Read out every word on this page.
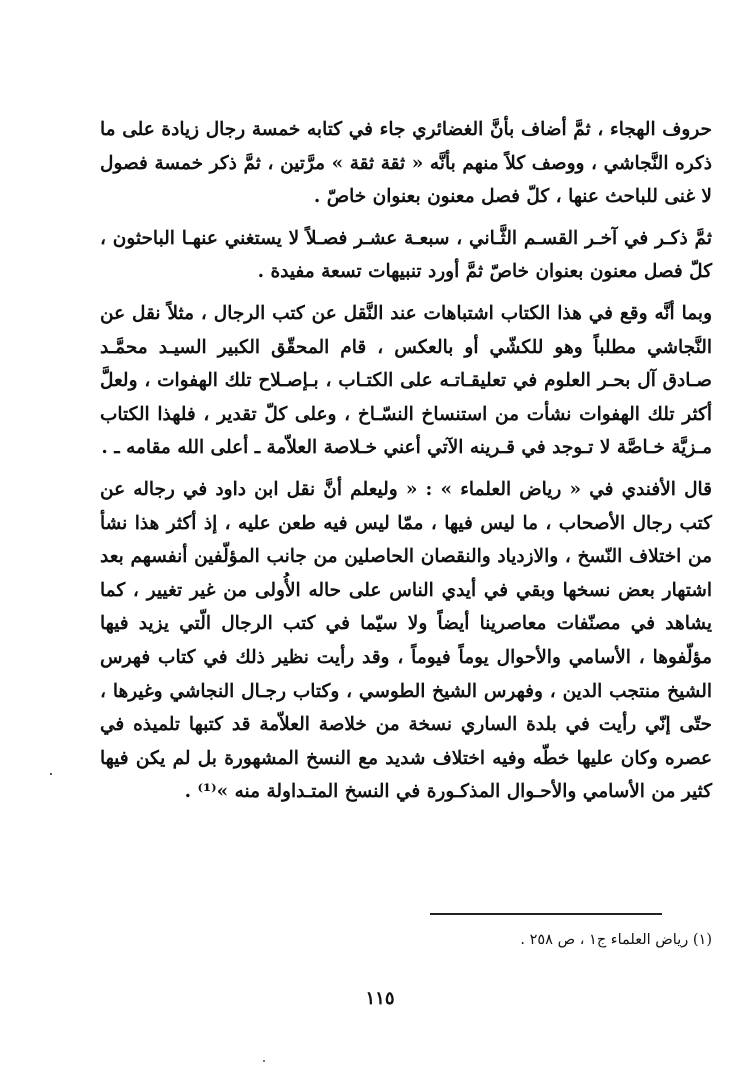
حروف الهجاء ، ثمَّ أضاف بأنَّ الغضائري جاء في كتابه خمسة رجال زيادة على ما ذكره النَّجاشي ، ووصف كلاً منهم بأنَّه « ثقة ثقة » مرَّتين ، ثمَّ ذكر خمسة فصول لا غنى للباحث عنها ، كلّ فصل معنون بعنوان خاصّ .

ثمَّ ذكـر في آخـر القسـم الثَّـاني ، سبعـة عشـر فصـلاً لا يستغني عنهـا الباحثون ، كلّ فصل معنون بعنوان خاصّ ثمَّ أورد تنبيهات تسعة مفيدة .

وبما أنَّه وقع في هذا الكتاب اشتباهات عند النَّقل عن كتب الرجال ، مثلاً نقل عن النَّجاشي مطلباً وهو للكشّي أو بالعكس ، قام المحقّق الكبير السيـد محمَّـد صـادق آل بحـر العلوم في تعليقـاتـه على الكتـاب ، بـإصـلاح تلك الهفوات ، ولعلَّ أكثر تلك الهفوات نشأت من استنساخ النسّـاخ ، وعلى كلّ تقدير ، فلهذا الكتاب مـزيَّة خـاصَّة لا تـوجد في قـرينه الآتي أعني خـلاصة العلاّمة ـ أعلى الله مقامه ـ .

قال الأفندي في « رياض العلماء » : « وليعلم أنَّ نقل ابن داود في رجاله عن كتب رجال الأصحاب ، ما ليس فيها ، ممّا ليس فيه طعن عليه ، إذ أكثر هذا نشأ من اختلاف النّسخ ، والازدياد والنقصان الحاصلين من جانب المؤلّفين أنفسهم بعد اشتهار بعض نسخها وبقي في أيدي الناس على حاله الأُولى من غير تغيير ، كما يشاهد في مصنّفات معاصرينا أيضاً ولا سيّما في كتب الرجال الّتي يزيد فيها مؤلّفوها ، الأسامي والأحوال يوماً فيوماً ، وقد رأيت نظير ذلك في كتاب فهرس الشيخ منتجب الدين ، وفهرس الشيخ الطوسي ، وكتاب رجـال النجاشي وغيرها ، حتّى إنّي رأيت في بلدة الساري نسخة من خلاصة العلاّمة قد كتبها تلميذه في عصره وكان عليها خطّه وفيه اختلاف شديد مع النسخ المشهورة بل لم يكن فيها كثير من الأسامي والأحـوال المذكـورة في النسخ المتـداولة منه »⁽¹⁾ .

(١) رياض العلماء ج١ ، ص ٢٥٨ .
١١٥
